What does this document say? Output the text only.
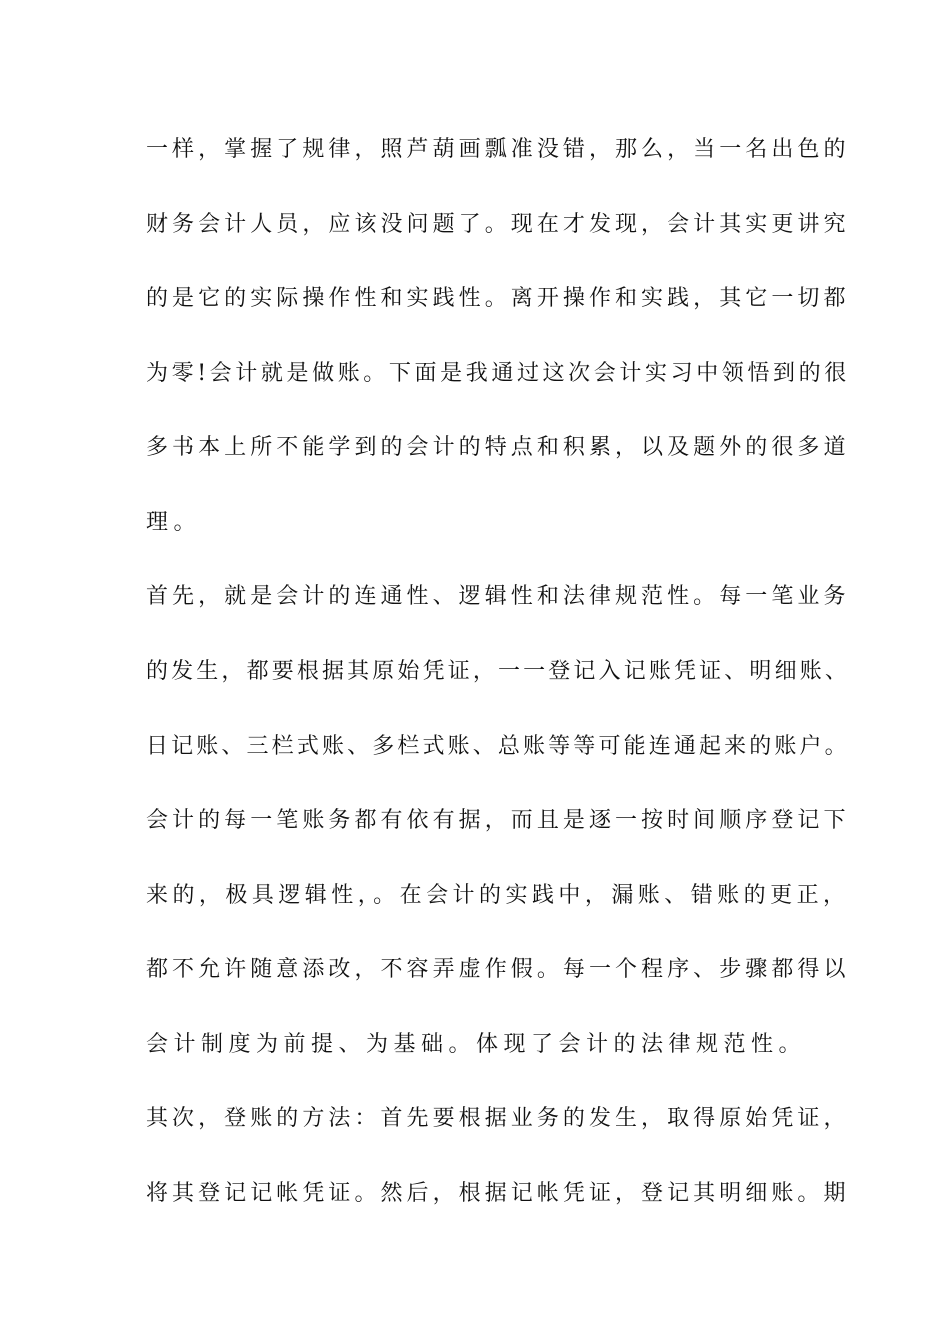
一样，掌握了规律，照芦葫画瓢准没错，那么，当一名出色的
财务会计人员，应该没问题了。现在才发现，会计其实更讲究
的是它的实际操作性和实践性。离开操作和实践，其它一切都
为零!会计就是做账。下面是我通过这次会计实习中领悟到的很
多书本上所不能学到的会计的特点和积累，以及题外的很多道
理。
首先，就是会计的连通性、逻辑性和法律规范性。每一笔业务
的发生，都要根据其原始凭证，一一登记入记账凭证、明细账、
日记账、三栏式账、多栏式账、总账等等可能连通起来的账户。
会计的每一笔账务都有依有据，而且是逐一按时间顺序登记下
来的，极具逻辑性，。在会计的实践中，漏账、错账的更正，
都不允许随意添改，不容弄虚作假。每一个程序、步骤都得以
会计制度为前提、为基础。体现了会计的法律规范性。
其次，登账的方法：首先要根据业务的发生，取得原始凭证，
将其登记记帐凭证。然后，根据记帐凭证，登记其明细账。期
